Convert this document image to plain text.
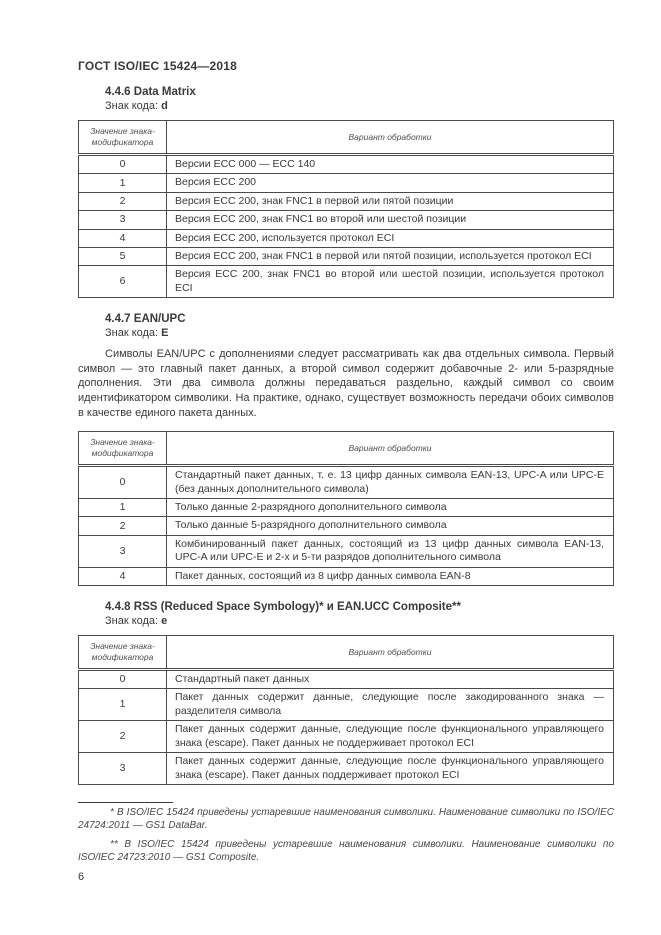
ГОСТ ISO/IEC 15424—2018
4.4.6 Data Matrix
Знак кода: d
Значение знака-модификатора	Вариант обработки
0	Версии ECC 000 — ECC 140
1	Версия ECC 200
2	Версия ECC 200, знак FNC1 в первой или пятой позиции
3	Версия ECC 200, знак FNC1 во второй или шестой позиции
4	Версия ECC 200, используется протокол ECI
5	Версия ECC 200, знак FNC1 в первой или пятой позиции, используется протокол ECI
6	Версия ECC 200, знак FNC1 во второй или шестой позиции, используется протокол ECI
4.4.7 EAN/UPC
Знак кода: E

Символы EAN/UPC с дополнениями следует рассматривать как два отдельных символа. Первый символ — это главный пакет данных, а второй символ содержит добавочные 2- или 5-разрядные дополнения. Эти два символа должны передаваться раздельно, каждый символ со своим идентификатором символики. На практике, однако, существует возможность передачи обоих символов в качестве единого пакета данных.

Значение знака-модификатора	Вариант обработки
0	Стандартный пакет данных, т. е. 13 цифр данных символа EAN-13, UPC-A или UPC-E (без данных дополнительного символа)
1	Только данные 2-разрядного дополнительного символа
2	Только данные 5-разрядного дополнительного символа
3	Комбинированный пакет данных, состоящий из 13 цифр данных символа EAN-13, UPC-A или UPC-E и 2-х и 5-ти разрядов дополнительного символа
4	Пакет данных, состоящий из 8 цифр данных символа EAN-8
4.4.8 RSS (Reduced Space Symbology)* и EAN.UCC Composite**
Знак кода: e
Значение знака-модификатора	Вариант обработки
0	Стандартный пакет данных
1	Пакет данных содержит данные, следующие после закодированного знака — разделителя символа
2	Пакет данных содержит данные, следующие после функционального управляющего знака (escape). Пакет данных не поддерживает протокол ECI
3	Пакет данных содержит данные, следующие после функционального управляющего знака (escape). Пакет данных поддерживает протокол ECI

* В ISO/IEC 15424 приведены устаревшие наименования символики. Наименование символики по ISO/IEC 24724:2011 — GS1 DataBar.

** В ISO/IEC 15424 приведены устаревшие наименования символики. Наименование символики по ISO/IEC 24723:2010 — GS1 Composite.

6
